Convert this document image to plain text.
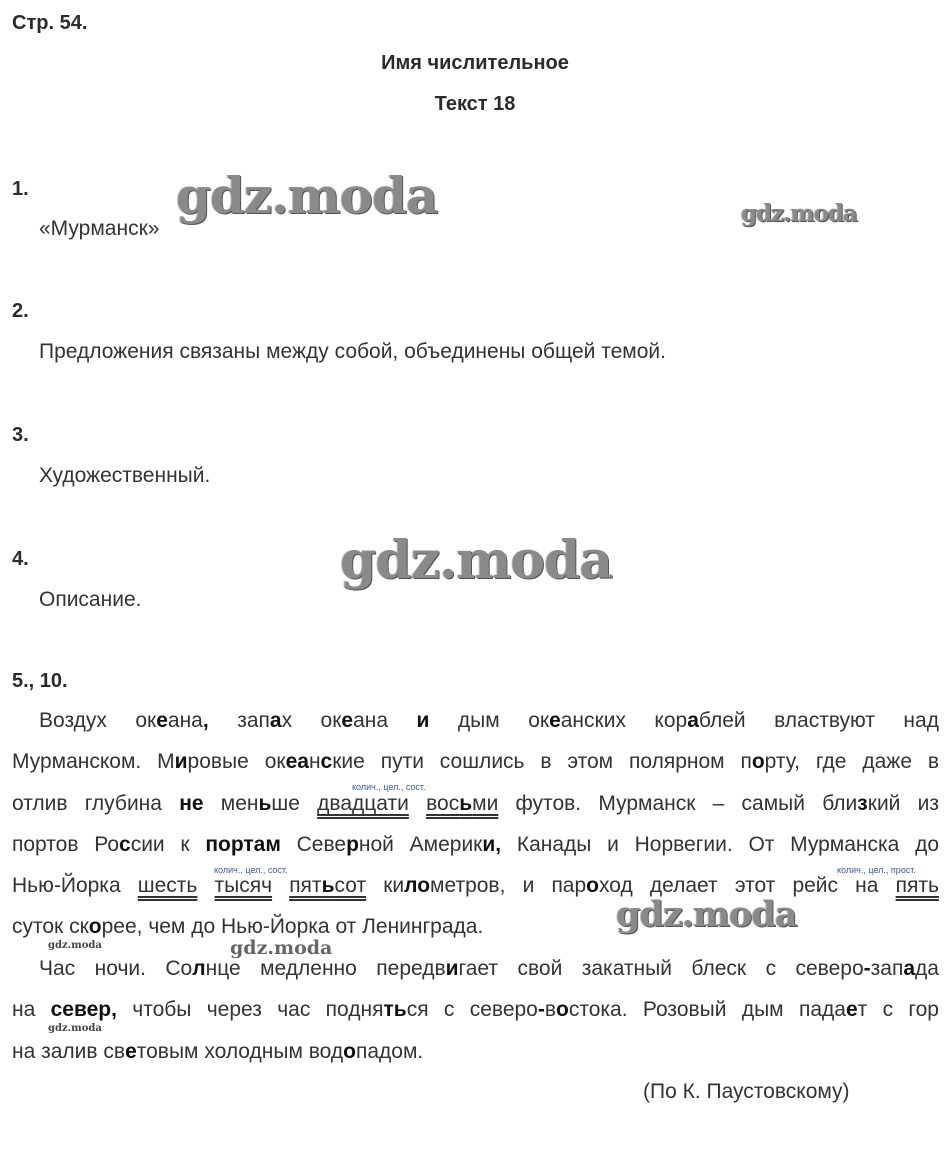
Стр. 54.
Имя числительное
Текст 18
gdz.moda	gdz.moda
gdz.moda
gdz.moda
gdz.moda
gdz.moda
gdz.moda
1.
«Мурманск»
2.
Предложения связаны между собой, объединены общей темой.
3.
Художественный.
4.
Описание.
5., 10.
колич., цел., сост.
колич., цел., сост.	колич., цел., прост.
Воздух океана, запах океана и дым океанских кораблей властвуют над
Мурманском. Мировые океанские пути сошлись в этом полярном порту, где даже в
отлив глубина не меньше двадцати восьми футов. Мурманск – самый близкий из
портов России к портам Северной Америки, Канады и Норвегии. От Мурманска до
Нью-Йорка шесть тысяч пятьсот километров, и пароход делает этот рейс на пять
суток скорее, чем до Нью-Йорка от Ленинграда.
Час ночи. Солнце медленно передвигает свой закатный блеск с северо-запада
на север, чтобы через час подняться с северо-востока. Розовый дым падает с гор
на залив световым холодным водопадом.
(По К. Паустовскому)
